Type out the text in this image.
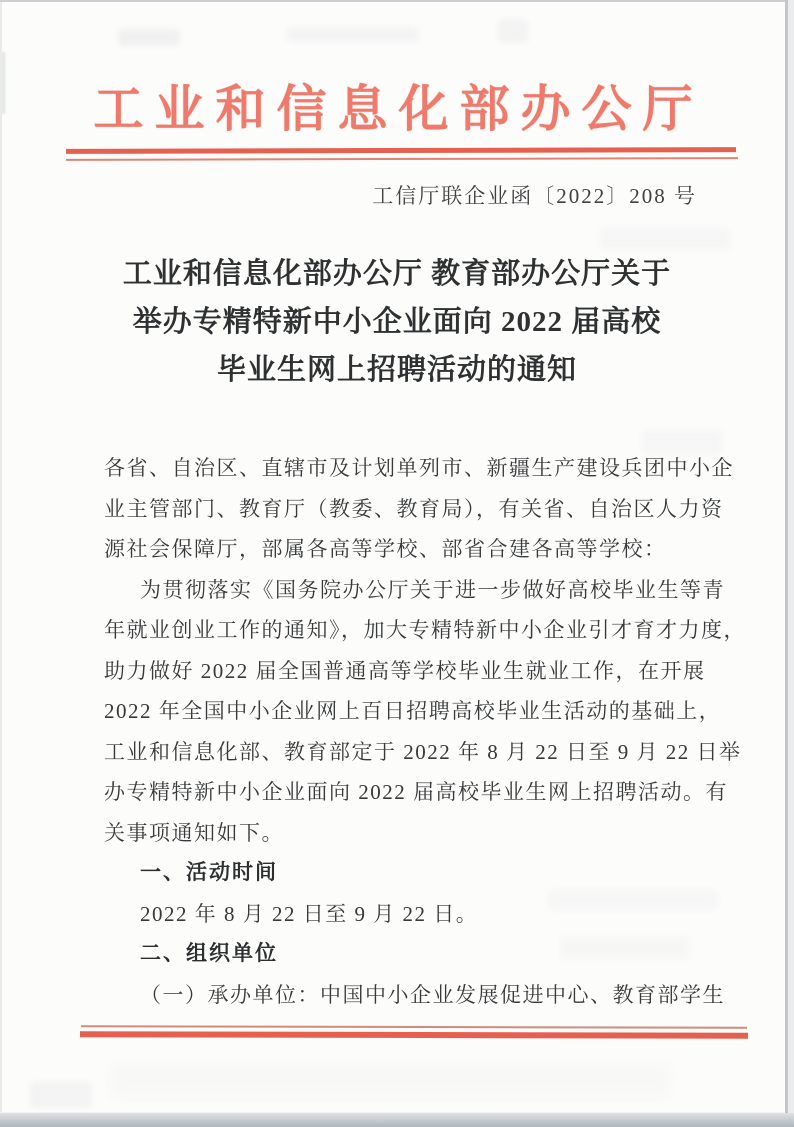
工业和信息化部办公厅
工信厅联企业函〔2022〕208 号
工业和信息化部办公厅 教育部办公厅关于
举办专精特新中小企业面向 2022 届高校
毕业生网上招聘活动的通知
各省、自治区、直辖市及计划单列市、新疆生产建设兵团中小企
业主管部门、教育厅（教委、教育局），有关省、自治区人力资
源社会保障厅，部属各高等学校、部省合建各高等学校：
为贯彻落实《国务院办公厅关于进一步做好高校毕业生等青
年就业创业工作的通知》，加大专精特新中小企业引才育才力度，
助力做好 2022 届全国普通高等学校毕业生就业工作，在开展
2022 年全国中小企业网上百日招聘高校毕业生活动的基础上，
工业和信息化部、教育部定于 2022 年 8 月 22 日至 9 月 22 日举
办专精特新中小企业面向 2022 届高校毕业生网上招聘活动。有
关事项通知如下。
一、活动时间
2022 年 8 月 22 日至 9 月 22 日。
二、组织单位
（一）承办单位：中国中小企业发展促进中心、教育部学生
